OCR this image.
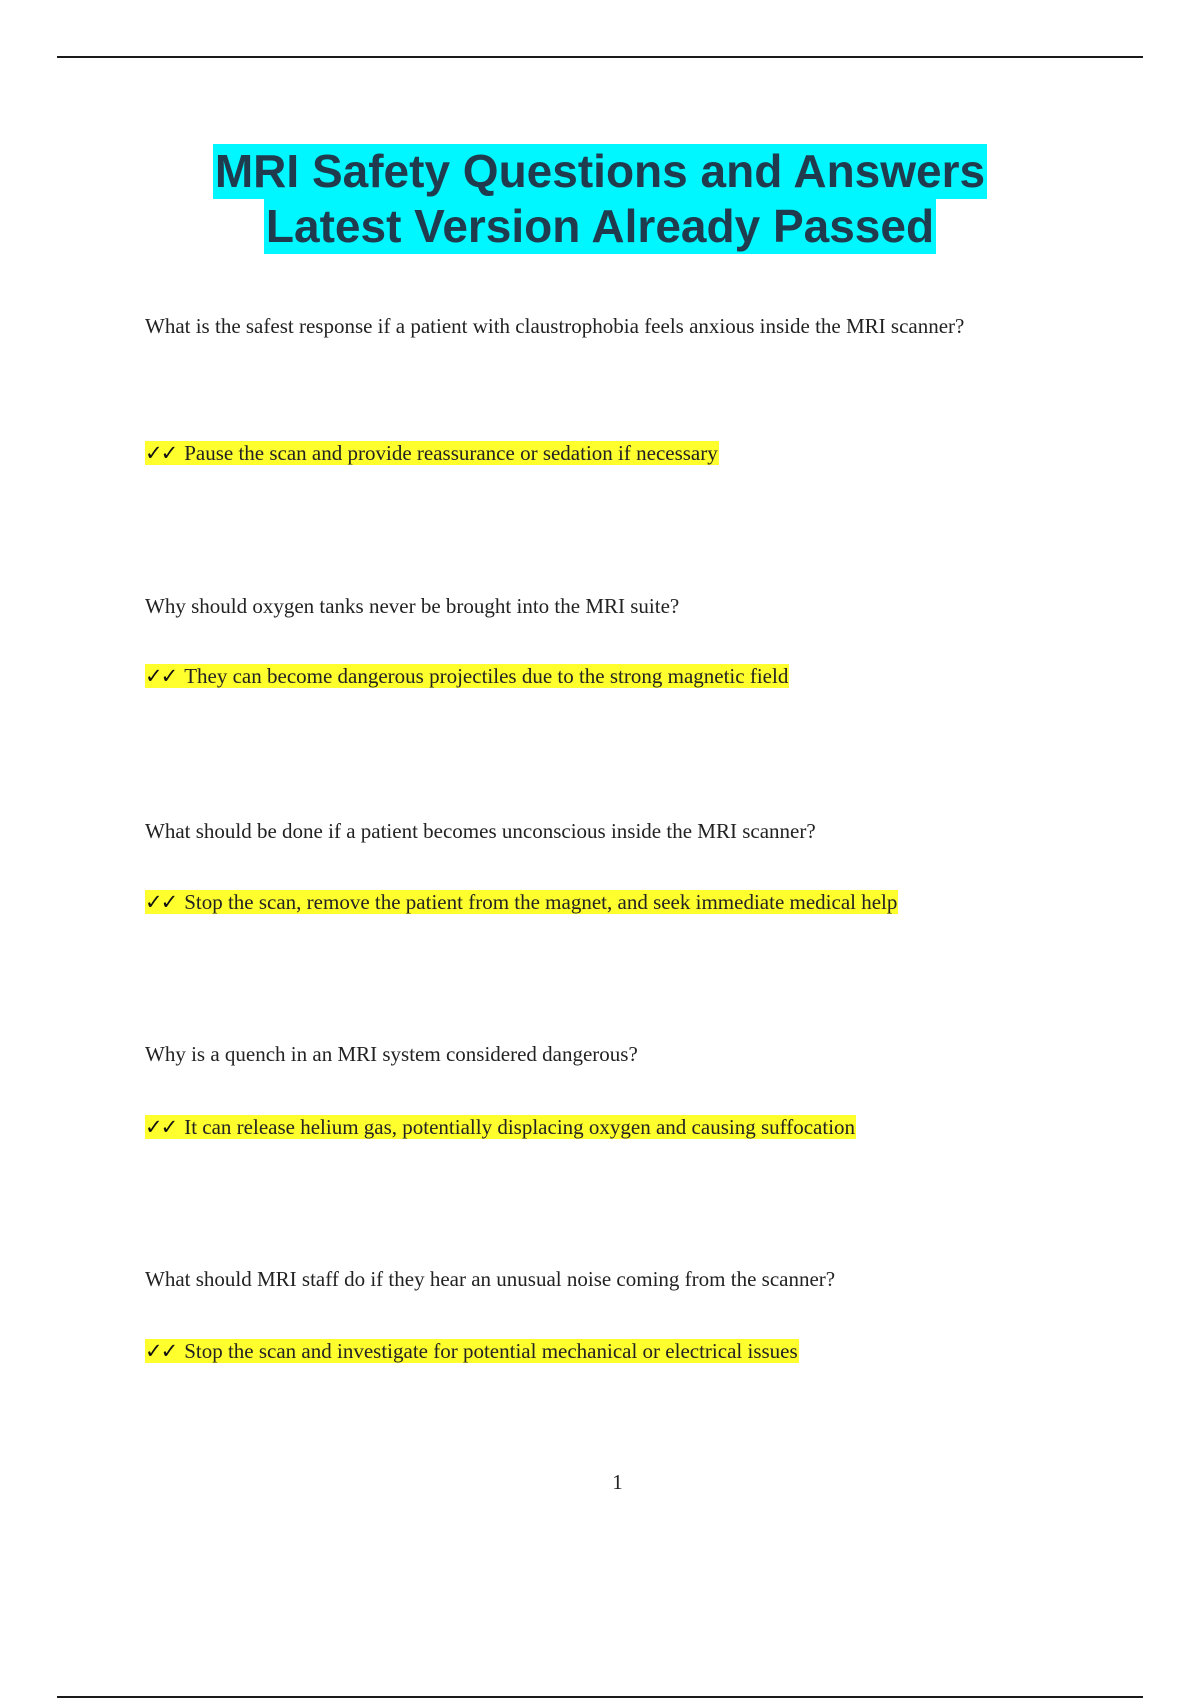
MRI Safety Questions and Answers
Latest Version Already Passed

What is the safest response if a patient with claustrophobia feels anxious inside the MRI scanner?

✓✓ Pause the scan and provide reassurance or sedation if necessary

Why should oxygen tanks never be brought into the MRI suite?

✓✓ They can become dangerous projectiles due to the strong magnetic field

What should be done if a patient becomes unconscious inside the MRI scanner?

✓✓ Stop the scan, remove the patient from the magnet, and seek immediate medical help

Why is a quench in an MRI system considered dangerous?

✓✓ It can release helium gas, potentially displacing oxygen and causing suffocation

What should MRI staff do if they hear an unusual noise coming from the scanner?

✓✓ Stop the scan and investigate for potential mechanical or electrical issues

1
